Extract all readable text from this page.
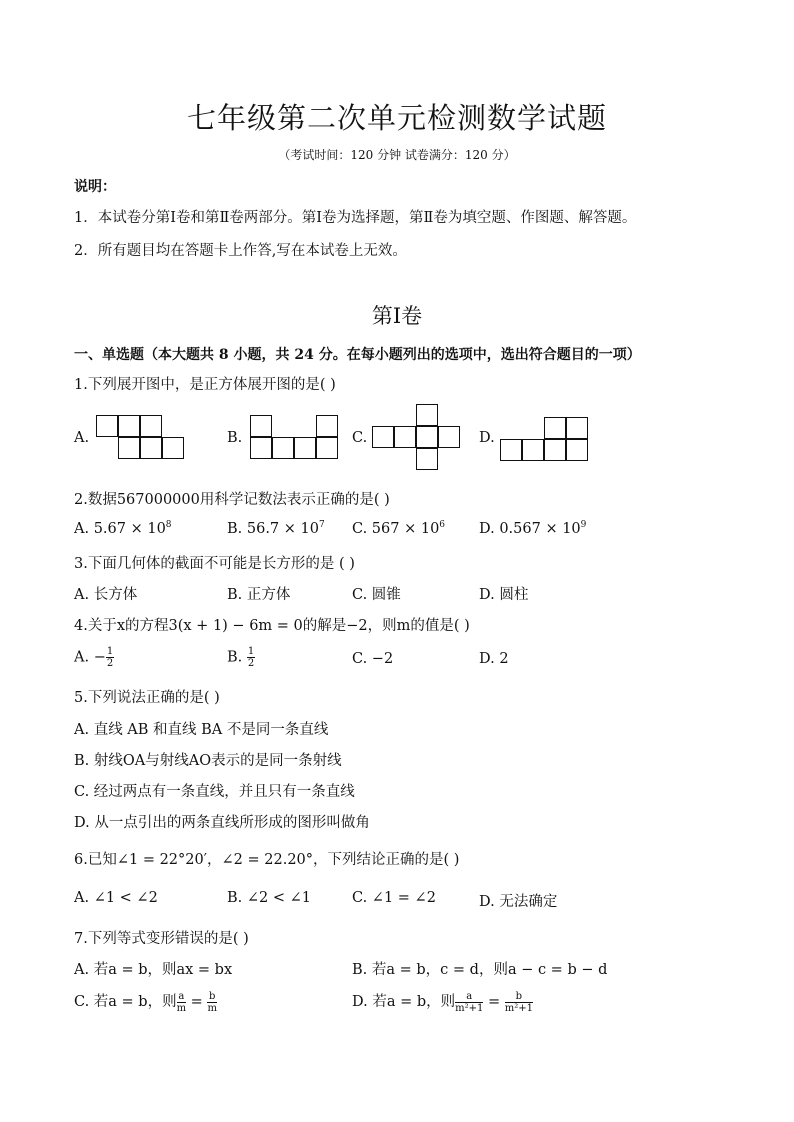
七年级第二次单元检测数学试题
（考试时间：120 分钟 试卷满分：120 分）
说明：
1．本试卷分第Ⅰ卷和第Ⅱ卷两部分。第Ⅰ卷为选择题，第Ⅱ卷为填空题、作图题、解答题。
2．所有题目均在答题卡上作答,写在本试卷上无效。
第Ⅰ卷
一、单选题（本大题共 8 小题，共 24 分。在每小题列出的选项中，选出符合题目的一项）
1.下列展开图中，是正方体展开图的是( )
A.	B.	C.	D.
2.数据567000000用科学记数法表示正确的是( )
A. $5.67 \times 10^8$	B. $56.7 \times 10^7$ C. $567 \times 10^6$ D. $0.567 \times 10^9$
3.下面几何体的截面不可能是长方形的是 ( )
A. 长方体	B. 正方体	C. 圆锥	D. 圆柱
4.关于x的方程3(x + 1) − 6m = 0的解是−2，则m的值是( )
A. − $\frac{1}{2}$	B. $\frac{1}{2}$	C. −2	D. 2
5.下列说法正确的是( )
A. 直线 AB 和直线 BA 不是同一条直线
B. 射线OA与射线AO表示的是同一条射线
C. 经过两点有一条直线，并且只有一条直线
D. 从一点引出的两条直线所形成的图形叫做角
6.已知∠1 = 22°20′，∠2 = 22.20°，下列结论正确的是( )
A. ∠1 < ∠2	B. ∠2 < ∠1	C. ∠1 = ∠2	D. 无法确定
7.下列等式变形错误的是( )
A. 若a = b，则ax = bx	B. 若a = b，c = d，则a − c = b − d
C. 若a = b，则 $\frac{a}{m} = \frac{b}{m}$	D. 若a = b，则 $\frac{a}{\text{m²+1}} = \frac{b}{\text{m²+1}}$
